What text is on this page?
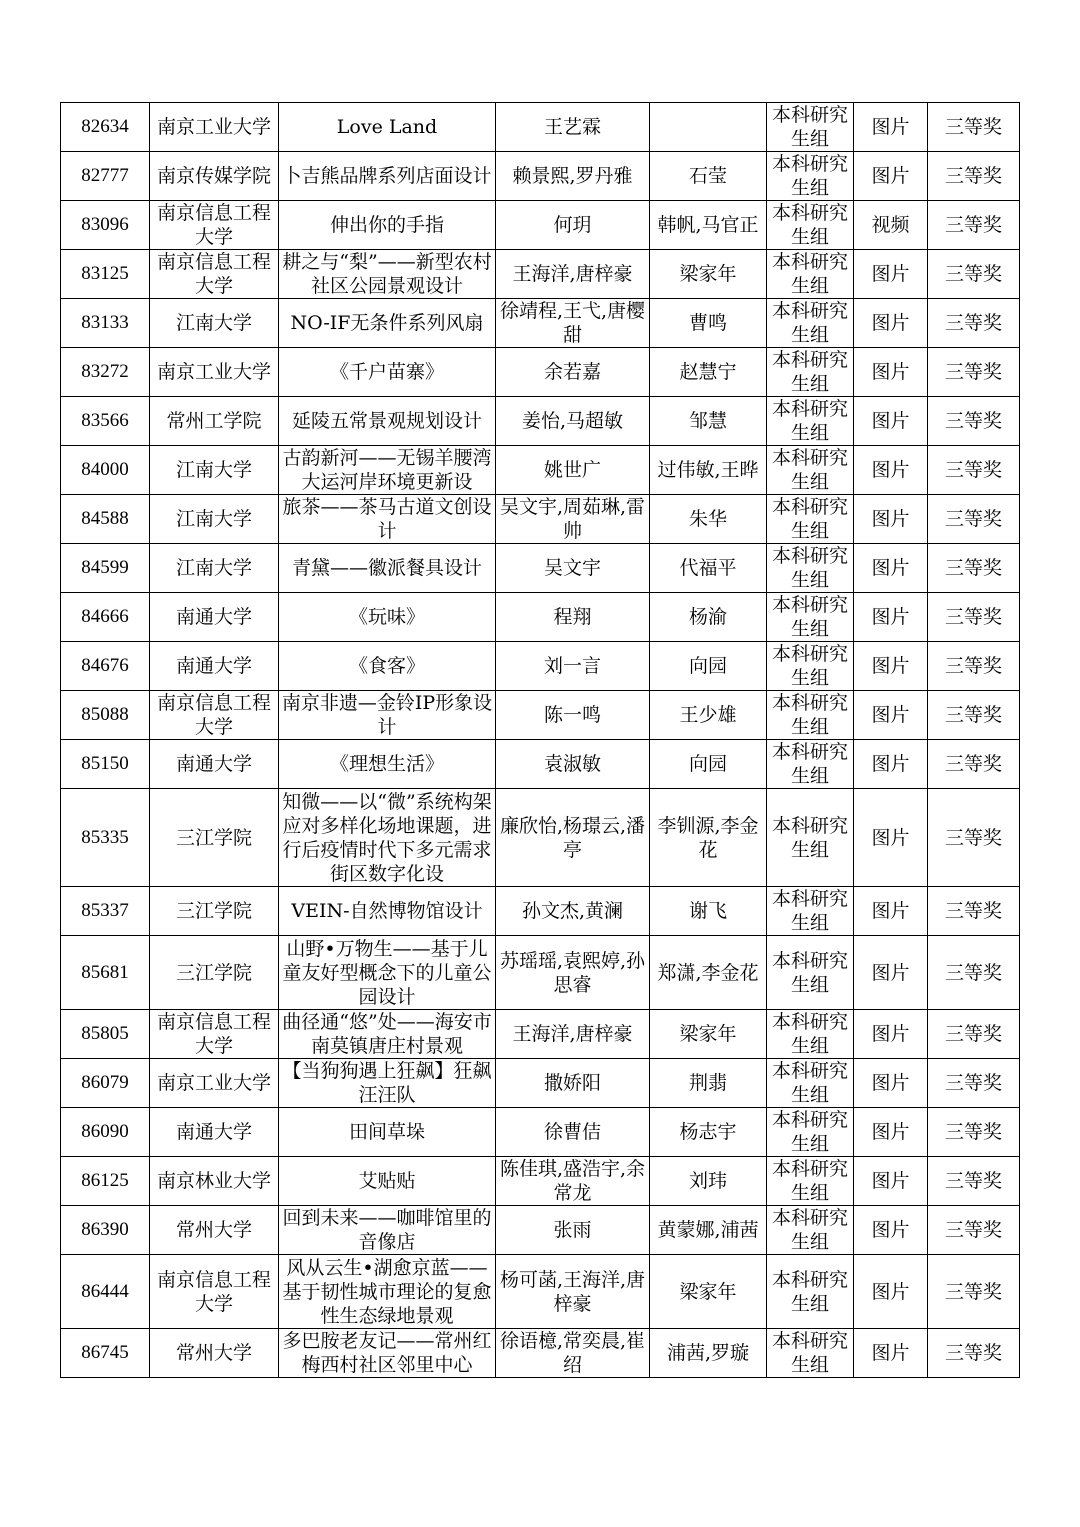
82634	南京工业大学	Love Land	王艺霖		本科研究生组	图片	三等奖
82777	南京传媒学院	卜吉熊品牌系列店面设计	赖景熙,罗丹雅	石莹	本科研究生组	图片	三等奖
83096	南京信息工程大学	伸出你的手指	何玥	韩帆,马官正	本科研究生组	视频	三等奖
83125	南京信息工程大学	耕之与“梨”——新型农村社区公园景观设计	王海洋,唐梓豪	梁家年	本科研究生组	图片	三等奖
83133	江南大学	NO-IF无条件系列风扇	徐靖程,王弋,唐樱甜	曹鸣	本科研究生组	图片	三等奖
83272	南京工业大学	《千户苗寨》	余若嘉	赵慧宁	本科研究生组	图片	三等奖
83566	常州工学院	延陵五常景观规划设计	姜怡,马超敏	邹慧	本科研究生组	图片	三等奖
84000	江南大学	古韵新河——无锡羊腰湾大运河岸环境更新设	姚世广	过伟敏,王晔	本科研究生组	图片	三等奖
84588	江南大学	旅茶——茶马古道文创设计	吴文宇,周茹琳,雷帅	朱华	本科研究生组	图片	三等奖
84599	江南大学	青黛——徽派餐具设计	吴文宇	代福平	本科研究生组	图片	三等奖
84666	南通大学	《玩味》	程翔	杨渝	本科研究生组	图片	三等奖
84676	南通大学	《食客》	刘一言	向园	本科研究生组	图片	三等奖
85088	南京信息工程大学	南京非遗—金铃IP形象设计	陈一鸣	王少雄	本科研究生组	图片	三等奖
85150	南通大学	《理想生活》	袁淑敏	向园	本科研究生组	图片	三等奖
85335	三江学院	知微——以“微”系统构架应对多样化场地课题，进行后疫情时代下多元需求街区数字化设	廉欣怡,杨璟云,潘亭	李钏源,李金花	本科研究生组	图片	三等奖
85337	三江学院	VEIN-自然博物馆设计	孙文杰,黄澜	谢飞	本科研究生组	图片	三等奖
85681	三江学院	山野•万物生——基于儿童友好型概念下的儿童公园设计	苏瑶瑶,袁熙婷,孙思睿	郑潇,李金花	本科研究生组	图片	三等奖
85805	南京信息工程大学	曲径通“悠”处——海安市南莫镇唐庄村景观	王海洋,唐梓豪	梁家年	本科研究生组	图片	三等奖
86079	南京工业大学	【当狗狗遇上狂飙】狂飙汪汪队	撒娇阳	荆翡	本科研究生组	图片	三等奖
86090	南通大学	田间草垛	徐曹佶	杨志宇	本科研究生组	图片	三等奖
86125	南京林业大学	艾贴贴	陈佳琪,盛浩宇,余常龙	刘玮	本科研究生组	图片	三等奖
86390	常州大学	回到未来——咖啡馆里的音像店	张雨	黄蒙娜,浦茜	本科研究生组	图片	三等奖
86444	南京信息工程大学	风从云生•湖愈京蓝——基于韧性城市理论的复愈性生态绿地景观	杨可菡,王海洋,唐梓豪	梁家年	本科研究生组	图片	三等奖
86745	常州大学	多巴胺老友记——常州红梅西村社区邻里中心	徐语檍,常奕晨,崔绍	浦茜,罗璇	本科研究生组	图片	三等奖
